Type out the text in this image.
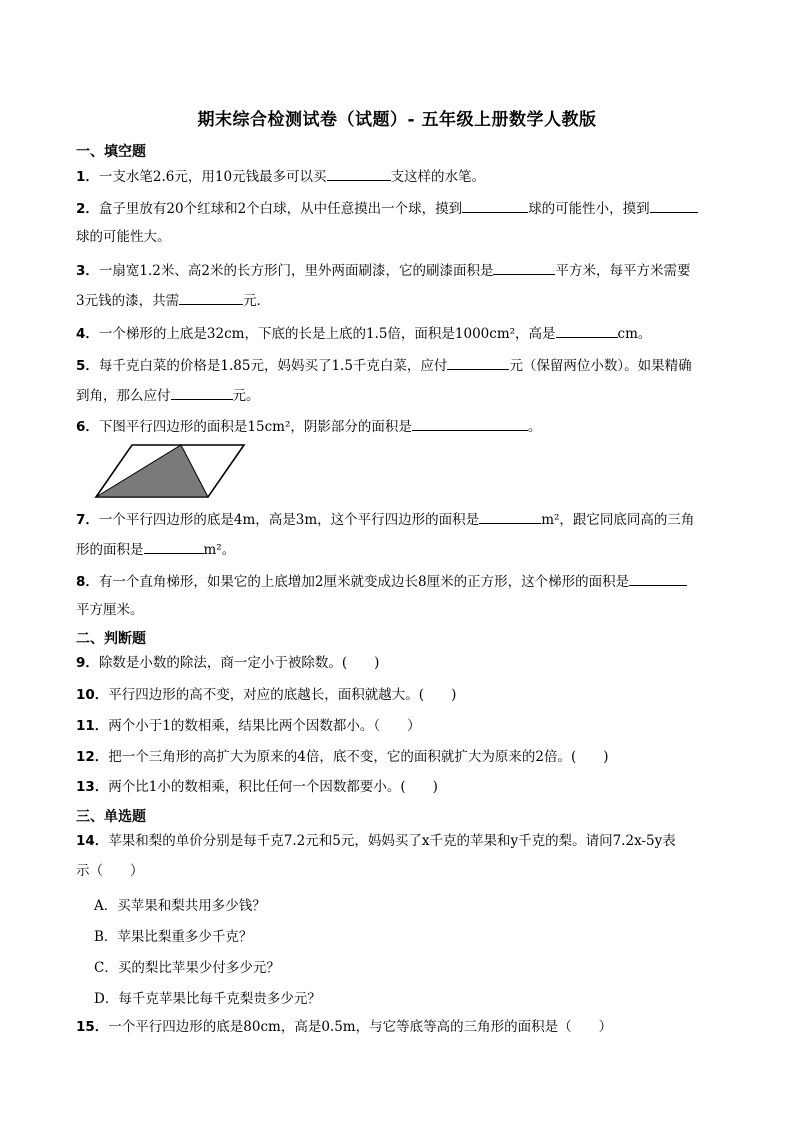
期末综合检测试卷（试题）- 五年级上册数学人教版
一、填空题
1．一支水笔2.6元，用10元钱最多可以买	支这样的水笔。
2．盒子里放有20个红球和2个白球，从中任意摸出一个球，摸到	球的可能性小，摸到
球的可能性大。
3．一扇宽1.2米、高2米的长方形门，里外两面刷漆，它的刷漆面积是	平方米，每平方米需要
3元钱的漆，共需	元．
4．一个梯形的上底是32cm，下底的长是上底的1.5倍，面积是1000cm²，高是	cm。
5．每千克白菜的价格是1.85元，妈妈买了1.5千克白菜，应付	元（保留两位小数）。如果精确
到角，那么应付	元。
6．下图平行四边形的面积是15cm²，阴影部分的面积是	。
7．一个平行四边形的底是4m，高是3m，这个平行四边形的面积是	m²，跟它同底同高的三角
形的面积是	m²。
8．有一个直角梯形，如果它的上底增加2厘米就变成边长8厘米的正方形，这个梯形的面积是
平方厘米。
二、判断题
9．除数是小数的除法，商一定小于被除数。(　　)
10．平行四边形的高不变，对应的底越长，面积就越大。(　　)
11．两个小于1的数相乘，结果比两个因数都小。（　　）
12．把一个三角形的高扩大为原来的4倍，底不变，它的面积就扩大为原来的2倍。(　　)
13．两个比1小的数相乘，积比任何一个因数都要小。(　　)
三、单选题
14．苹果和梨的单价分别是每千克7.2元和5元，妈妈买了x千克的苹果和y千克的梨。请问7.2x-5y表
示（　　）
A．买苹果和梨共用多少钱？
B．苹果比梨重多少千克？
C．买的梨比苹果少付多少元？
D．每千克苹果比每千克梨贵多少元？
15．一个平行四边形的底是80cm，高是0.5m，与它等底等高的三角形的面积是（　　）
